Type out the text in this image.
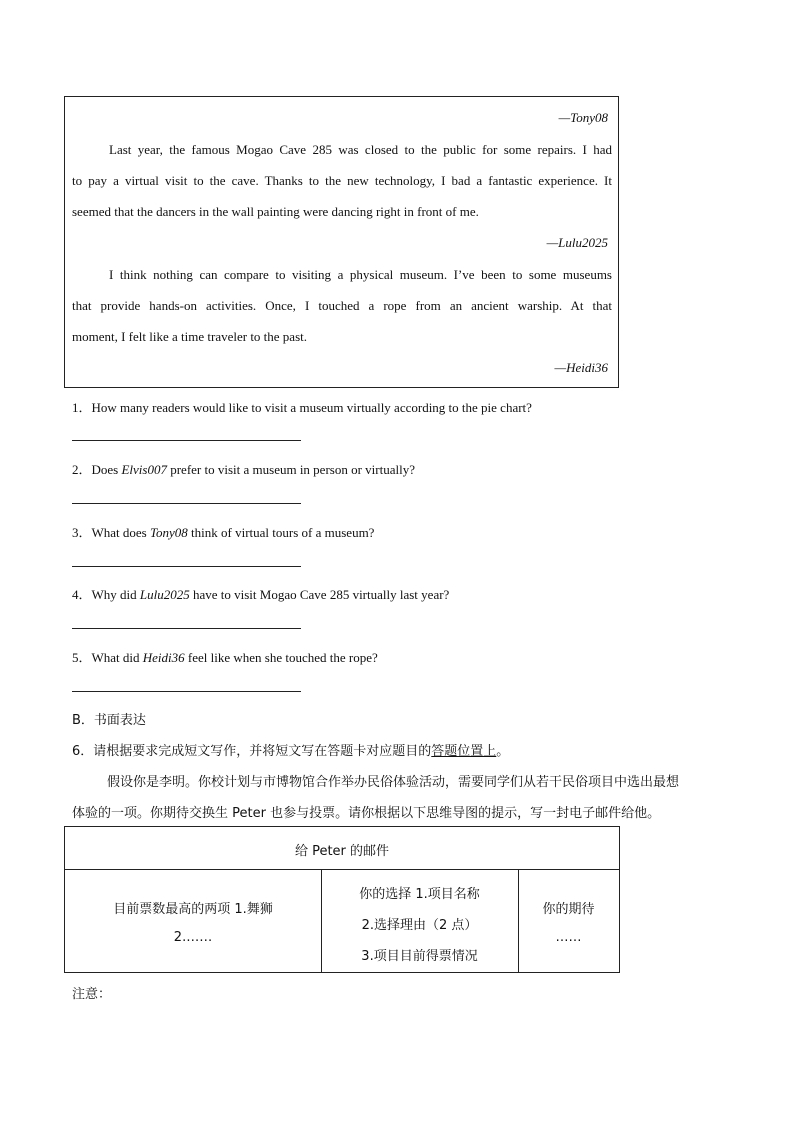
—Tony08
Last year, the famous Mogao Cave 285 was closed to the public for some repairs. I had
to pay a virtual visit to the cave. Thanks to the new technology, I bad a fantastic experience. It
seemed that the dancers in the wall painting were dancing right in front of me.
—Lulu2025
I think nothing can compare to visiting a physical museum. I’ve been to some museums
that provide hands-on activities. Once, I touched a rope from an ancient warship. At that
moment, I felt like a time traveler to the past.
—Heidi36
1．How many readers would like to visit a museum virtually according to the pie chart?
2．Does Elvis007 prefer to visit a museum in person or virtually?
3．What does Tony08 think of virtual tours of a museum?
4．Why did Lulu2025 have to visit Mogao Cave 285 virtually last year?
5．What did Heidi36 feel like when she touched the rope?
B．书面表达
6．请根据要求完成短文写作，并将短文写在答题卡对应题目的答题位置上。
假设你是李明。你校计划与市博物馆合作举办民俗体验活动，需要同学们从若干民俗项目中选出最想
体验的一项。你期待交换生 Peter 也参与投票。请你根据以下思维导图的提示，写一封电子邮件给他。
给 Peter 的邮件
目前票数最高的两项 1.舞狮
2.……
你的选择 1.项目名称
2.选择理由（2 点）
3.项目目前得票情况
你的期待
……
注意：
